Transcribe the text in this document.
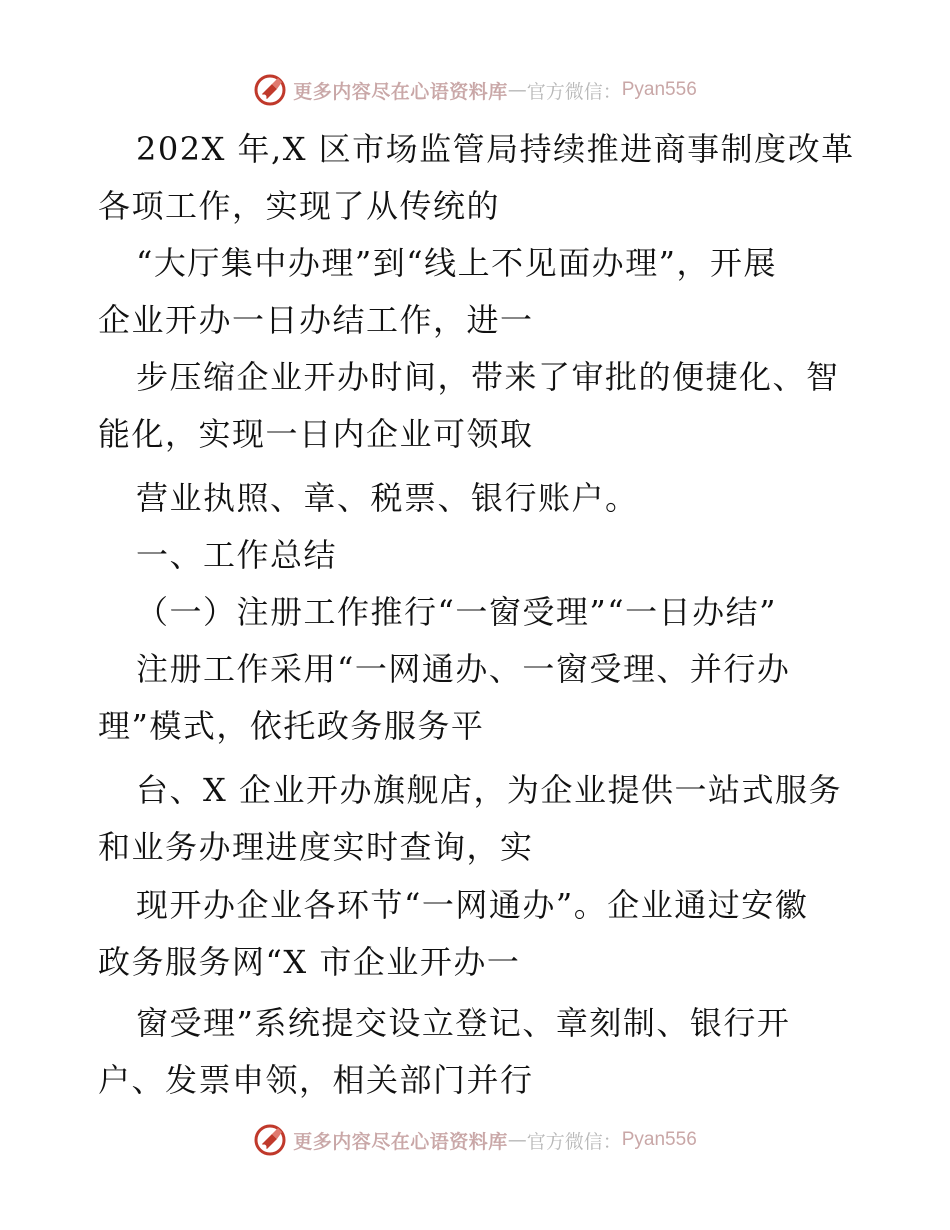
更多内容尽在心语资料库 — 官方微信： Pyan556
202X 年,X 区市场监管局持续推进商事制度改革
各项工作，实现了从传统的
“大厅集中办理”到“线上不见面办理”，开展
企业开办一日办结工作，进一
步压缩企业开办时间，带来了审批的便捷化、智
能化，实现一日内企业可领取
营业执照、章、税票、银行账户。
一、工作总结
（一）注册工作推行“一窗受理”“一日办结”
注册工作采用“一网通办、一窗受理、并行办
理”模式，依托政务服务平
台、X 企业开办旗舰店，为企业提供一站式服务
和业务办理进度实时查询，实
现开办企业各环节“一网通办”。企业通过安徽
政务服务网“X 市企业开办一
窗受理”系统提交设立登记、章刻制、银行开
户、发票申领，相关部门并行
更多内容尽在心语资料库 — 官方微信： Pyan556
